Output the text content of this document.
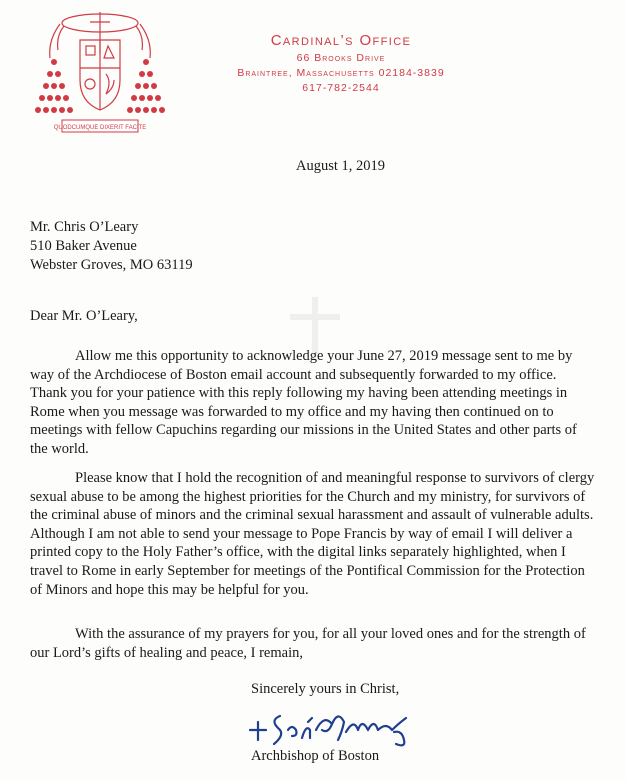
QUODCUMQUE DIXERIT FACITE
Cardinal’s Office
66 Brooks Drive
Braintree, Massachusetts 02184-3839
617-782-2544
August 1, 2019
Mr. Chris O’Leary
510 Baker Avenue
Webster Groves, MO 63119
Dear Mr. O’Leary,

Allow me this opportunity to acknowledge your June 27, 2019 message sent to me by way of the Archdiocese of Boston email account and subsequently forwarded to my office. Thank you for your patience with this reply following my having been attending meetings in Rome when you message was forwarded to my office and my having then continued on to meetings with fellow Capuchins regarding our missions in the United States and other parts of the world.

Please know that I hold the recognition of and meaningful response to survivors of clergy sexual abuse to be among the highest priorities for the Church and my ministry, for survivors of the criminal abuse of minors and the criminal sexual harassment and assault of vulnerable adults. Although I am not able to send your message to Pope Francis by way of email I will deliver a printed copy to the Holy Father’s office, with the digital links separately highlighted, when I travel to Rome in early September for meetings of the Pontifical Commission for the Protection of Minors and hope this may be helpful for you.

With the assurance of my prayers for you, for all your loved ones and for the strength of our Lord’s gifts of healing and peace, I remain,

Sincerely yours in Christ,
Archbishop of Boston
